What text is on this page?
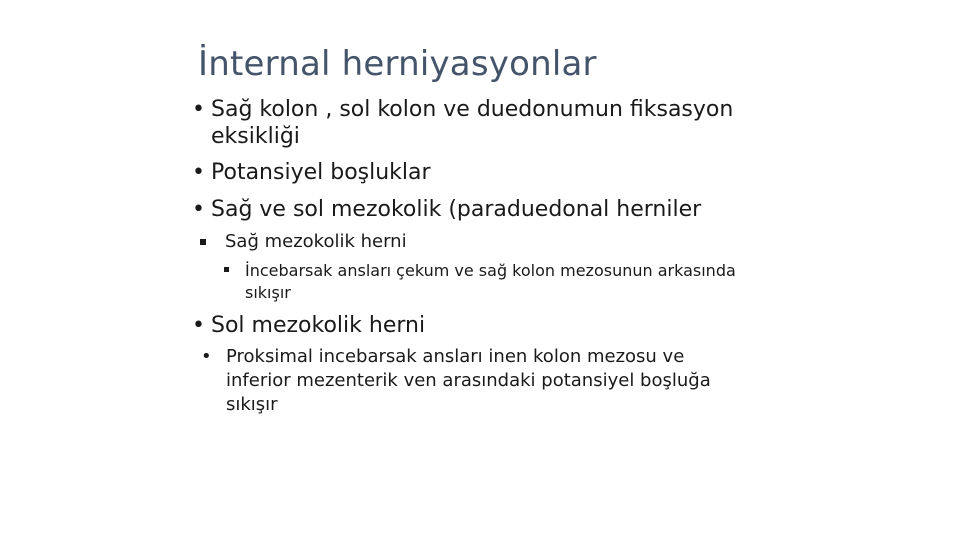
İnternal herniyasyonlar
• Sağ kolon , sol kolon ve duedonumun fiksasyon
eksikliği
• Potansiyel boşluklar
• Sağ ve sol mezokolik (paraduedonal herniler
Sağ mezokolik herni
İncebarsak ansları çekum ve sağ kolon mezosunun arkasında
sıkışır
• Sol mezokolik herni
• Proksimal incebarsak ansları inen kolon mezosu ve
inferior mezenterik ven arasındaki potansiyel boşluğa
sıkışır
